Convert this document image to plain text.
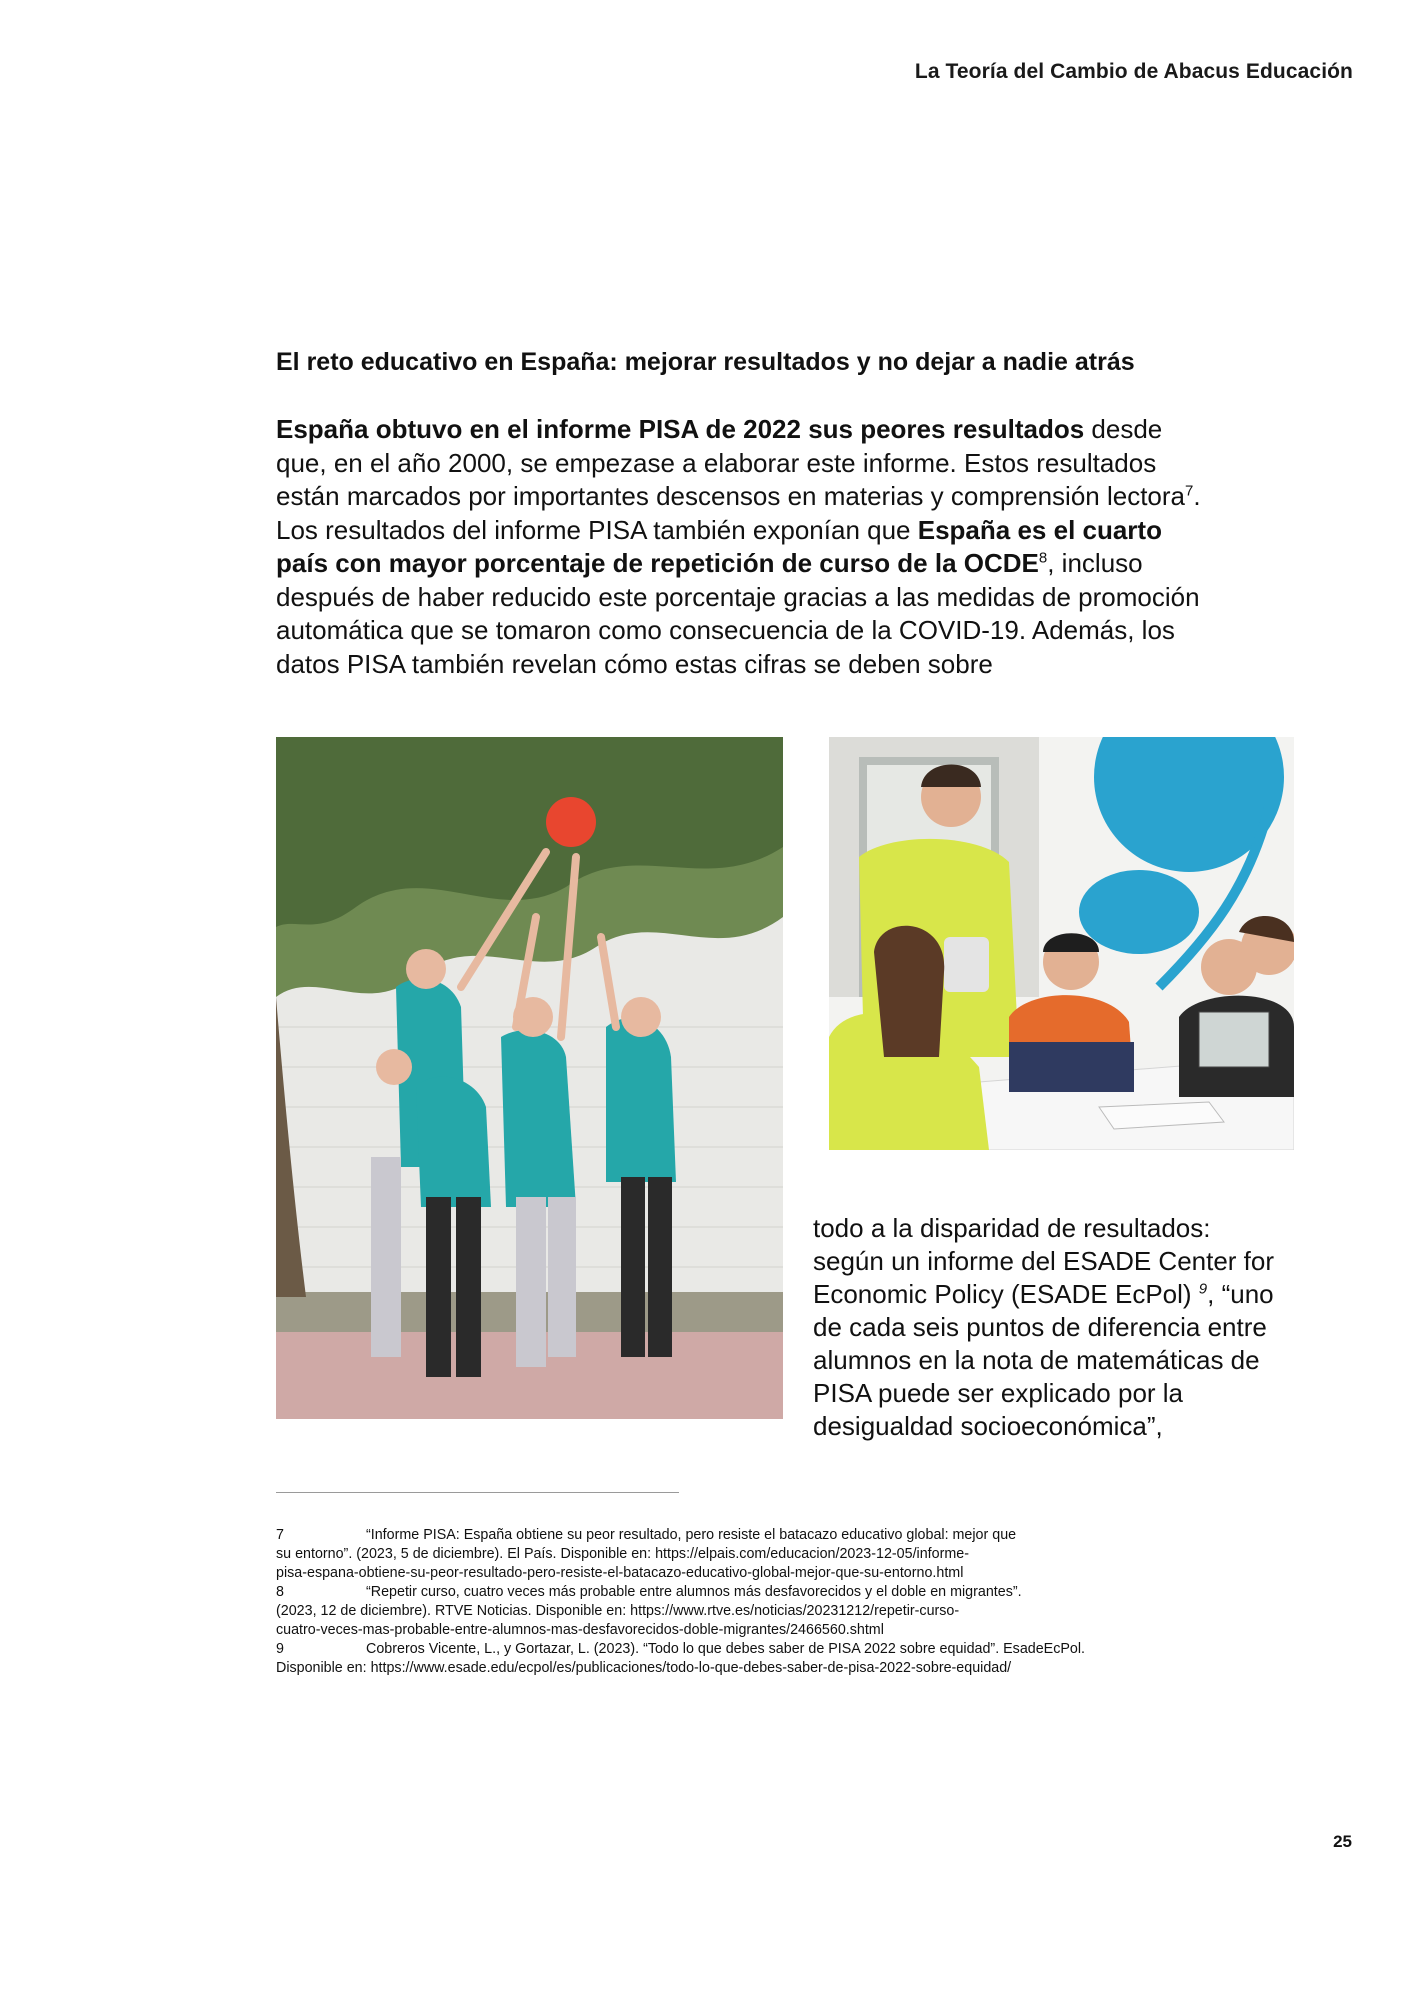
La Teoría del Cambio de Abacus Educación
El reto educativo en España: mejorar resultados y no dejar a nadie atrás

España obtuvo en el informe PISA de 2022 sus peores resultados desde que, en el año 2000, se empezase a elaborar este informe. Estos resultados están marcados por importantes descensos en materias y comprensión lectora$^7$. Los resultados del informe PISA también exponían que España es el cuarto país con mayor porcentaje de repetición de curso de la OCDE$^8$, incluso después de haber reducido este porcentaje gracias a las medidas de promoción automática que se tomaron como consecuencia de la COVID-19. Además, los datos PISA también revelan cómo estas cifras se deben sobre

todo a la disparidad de resultados: según un informe del ESADE Center for Economic Policy (ESADE EcPol) $^9$, “uno de cada seis puntos de diferencia entre alumnos en la nota de matemáticas de PISA puede ser explicado por la desigualdad socioeconómica”,

7	“Informe PISA: España obtiene su peor resultado, pero resiste el batacazo educativo global: mejor que
su entorno”. (2023, 5 de diciembre). El País. Disponible en: https://elpais.com/educacion/2023-12-05/informe-
pisa-espana-obtiene-su-peor-resultado-pero-resiste-el-batacazo-educativo-global-mejor-que-su-entorno.html
8	“Repetir curso, cuatro veces más probable entre alumnos más desfavorecidos y el doble en migrantes”.
(2023, 12 de diciembre). RTVE Noticias. Disponible en: https://www.rtve.es/noticias/20231212/repetir-curso-
cuatro-veces-mas-probable-entre-alumnos-mas-desfavorecidos-doble-migrantes/2466560.shtml
9	Cobreros Vicente, L., y Gortazar, L. (2023). “Todo lo que debes saber de PISA 2022 sobre equidad”. EsadeEcPol.
Disponible en: https://www.esade.edu/ecpol/es/publicaciones/todo-lo-que-debes-saber-de-pisa-2022-sobre-equidad/
25
